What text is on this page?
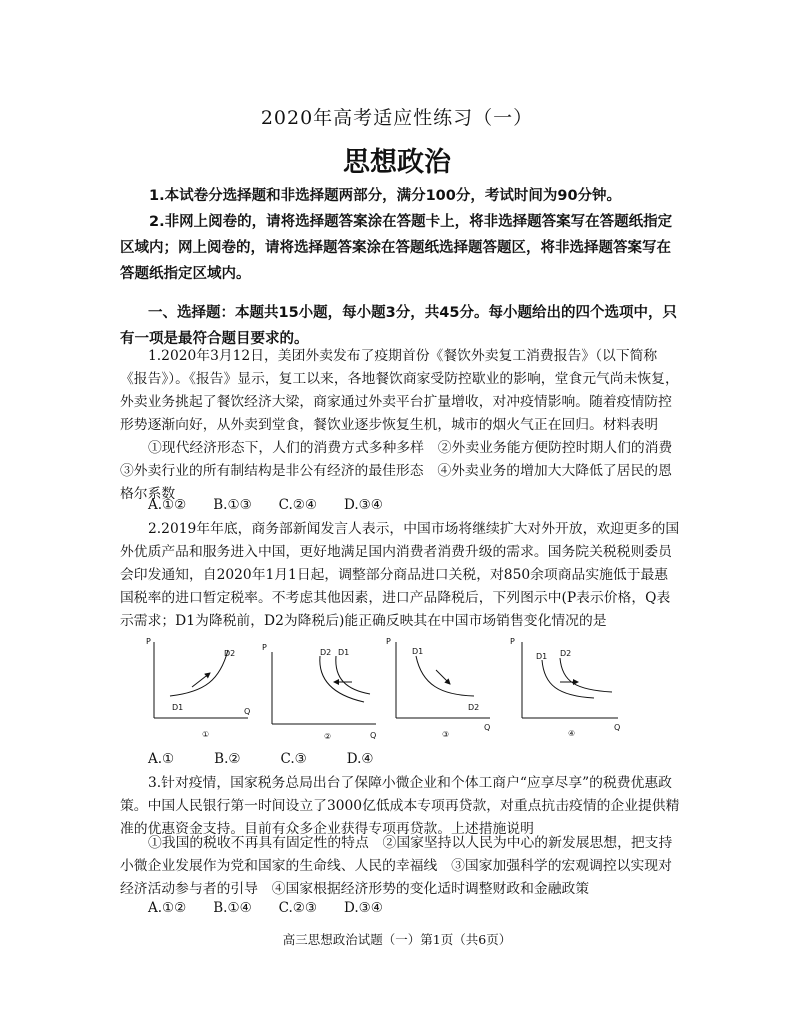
2020年高考适应性练习（一）
思想政治
1.本试卷分选择题和非选择题两部分，满分100分，考试时间为90分钟。
2.非网上阅卷的，请将选择题答案涂在答题卡上，将非选择题答案写在答题纸指定区域内；网上阅卷的，请将选择题答案涂在答题纸选择题答题区，将非选择题答案写在答题纸指定区域内。
一、选择题：本题共15小题，每小题3分，共45分。每小题给出的四个选项中，只有一项是最符合题目要求的。
1.2020年3月12日，美团外卖发布了疫期首份《餐饮外卖复工消费报告》（以下简称《报告》）。《报告》显示，复工以来，各地餐饮商家受防控歇业的影响，堂食元气尚未恢复，外卖业务挑起了餐饮经济大梁，商家通过外卖平台扩量增收，对冲疫情影响。随着疫情防控形势逐渐向好，从外卖到堂食，餐饮业逐步恢复生机，城市的烟火气正在回归。材料表明
①现代经济形态下，人们的消费方式多种多样　②外卖业务能方便防控时期人们的消费　③外卖行业的所有制结构是非公有经济的最佳形态　④外卖业务的增加大大降低了居民的恩格尔系数
A.①② B.①③ C.②④ D.③④
2.2019年年底，商务部新闻发言人表示，中国市场将继续扩大对外开放，欢迎更多的国外优质产品和服务进入中国，更好地满足国内消费者消费升级的需求。国务院关税税则委员会印发通知，自2020年1月1日起，调整部分商品进口关税，对850余项商品实施低于最惠国税率的进口暂定税率。不考虑其他因素，进口产品降税后，下列图示中(P表示价格，Q表示需求；D1为降税前，D2为降税后)能正确反映其在中国市场销售变化情况的是
P
Q
D2
D1
①
P
Q
D2 D1
②
P
Q
D1
D2
③
P
Q
D1 D2
④
A.①	B.②	C.③	D.④
3.针对疫情，国家税务总局出台了保障小微企业和个体工商户“应享尽享”的税费优惠政策。中国人民银行第一时间设立了3000亿低成本专项再贷款，对重点抗击疫情的企业提供精准的优惠资金支持。目前有众多企业获得专项再贷款。上述措施说明
①我国的税收不再具有固定性的特点　②国家坚持以人民为中心的新发展思想，把支持小微企业发展作为党和国家的生命线、人民的幸福线　③国家加强科学的宏观调控以实现对经济活动参与者的引导　④国家根据经济形势的变化适时调整财政和金融政策
A.①② B.①④ C.②③ D.③④
高三思想政治试题（一）第1页（共6页）
